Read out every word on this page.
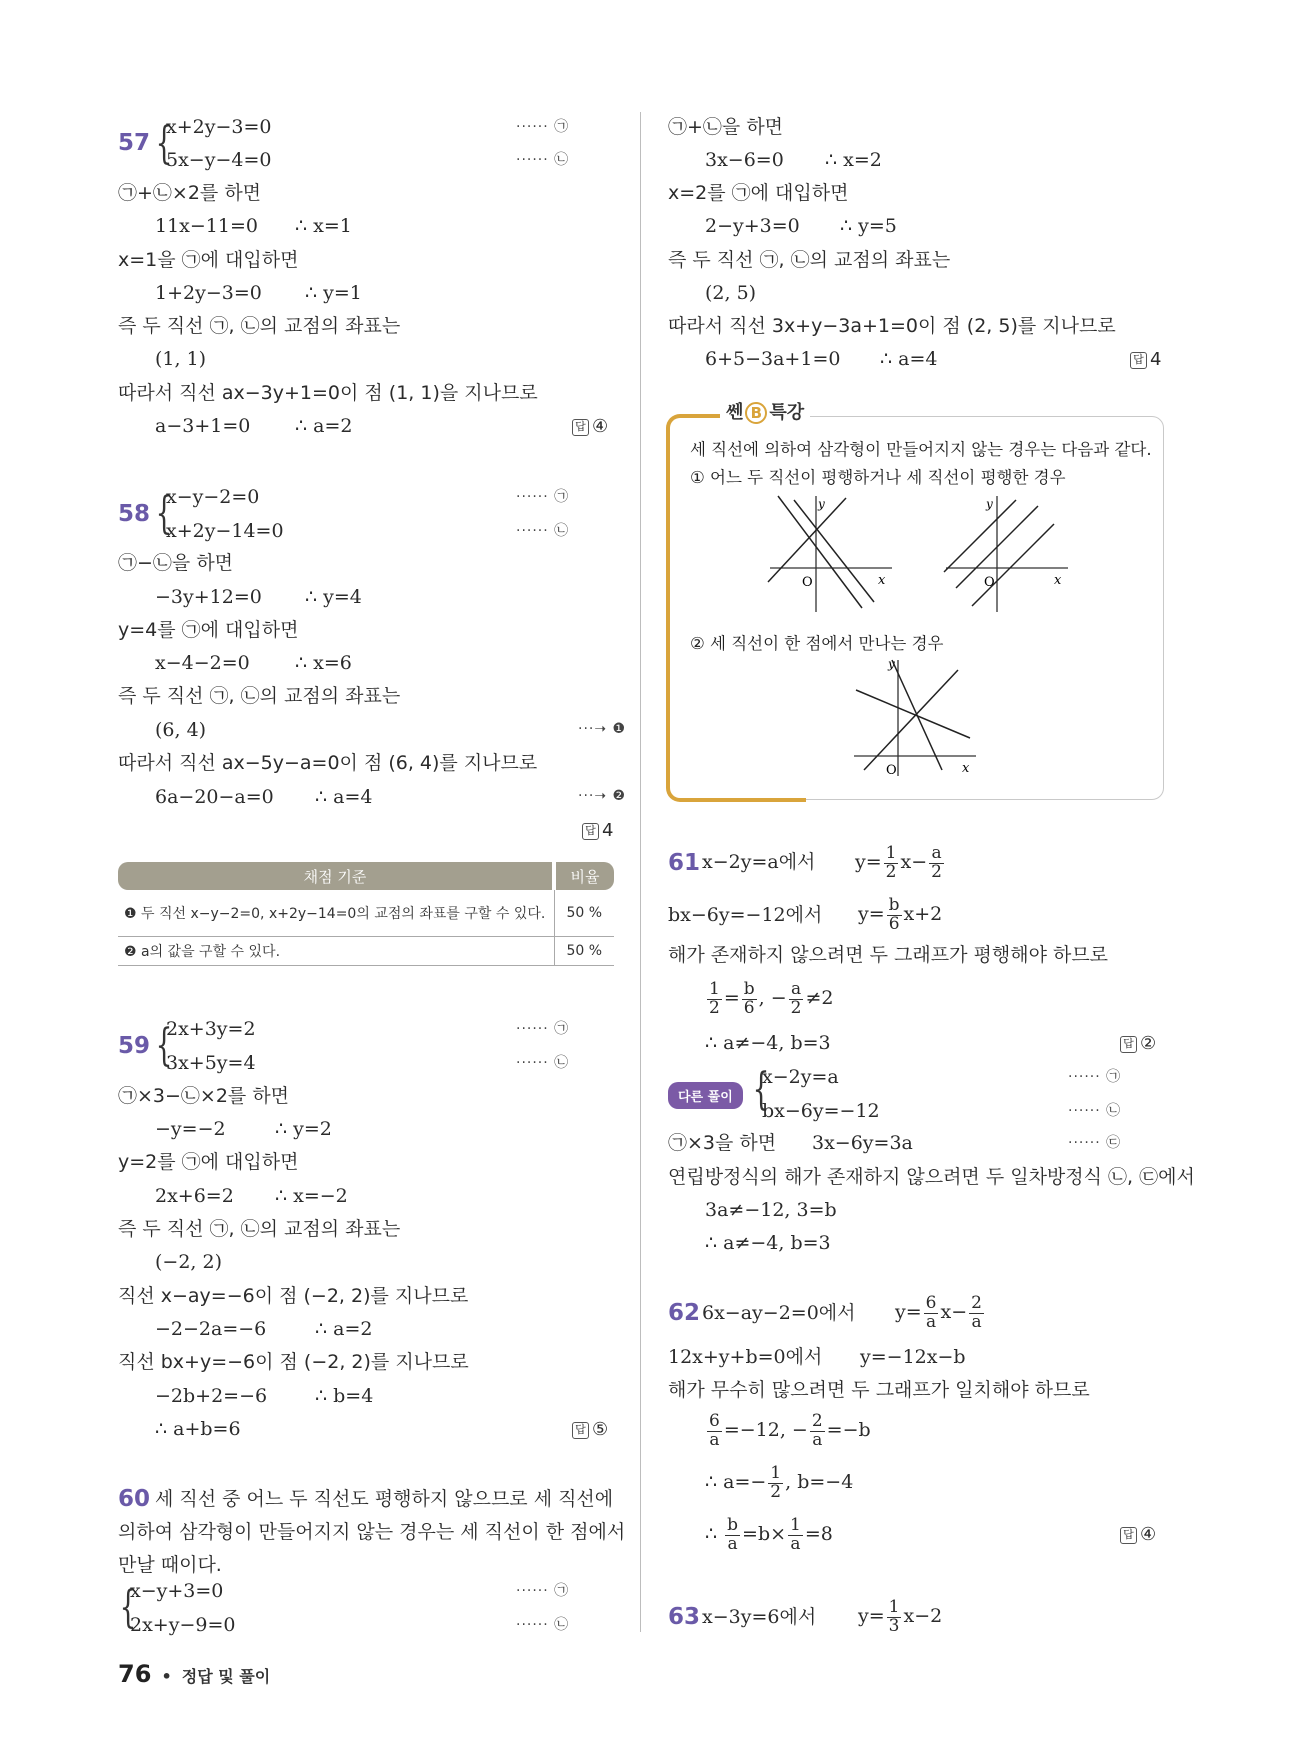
57 {
x+2y−3=0
5x−y−4=0
······ ㉠
······ ㉡
㉠+㉡×2를 하면
11x−11=0 ∴ x=1
x=1을 ㉠에 대입하면
1+2y−3=0 ∴ y=1
즉 두 직선 ㉠, ㉡의 교점의 좌표는
(1, 1)
따라서 직선 ax−3y+1=0이 점 (1, 1)을 지나므로
a−3+1=0 ∴ a=2	답 ④
58 {
x−y−2=0
x+2y−14=0
······ ㉠
······ ㉡
㉠−㉡을 하면
−3y+12=0 ∴ y=4
y=4를 ㉠에 대입하면
x−4−2=0 ∴ x=6
즉 두 직선 ㉠, ㉡의 교점의 좌표는
(6, 4)	···➝ ❶
따라서 직선 ax−5y−a=0이 점 (6, 4)를 지나므로
6a−20−a=0 ∴ a=4	···➝ ❷
답 4
채점 기준	비율
❶ 두 직선 x−y−2=0, x+2y−14=0의 교점의 좌표를 구할 수 있다.	50 %
❷ a의 값을 구할 수 있다.	50 %
59 {
2x+3y=2
3x+5y=4
······ ㉠
······ ㉡
㉠×3−㉡×2를 하면
−y=−2	∴ y=2
y=2를 ㉠에 대입하면
2x+6=2 ∴ x=−2
즉 두 직선 ㉠, ㉡의 교점의 좌표는
(−2, 2)
직선 x−ay=−6이 점 (−2, 2)를 지나므로
−2−2a=−6	∴ a=2
직선 bx+y=−6이 점 (−2, 2)를 지나므로
−2b+2=−6	∴ b=4
∴ a+b=6	답 ⑤
60 세 직선 중 어느 두 직선도 평행하지 않으므로 세 직선에
의하여 삼각형이 만들어지지 않는 경우는 세 직선이 한 점에서
만날 때이다.
{
x−y+3=0
2x+y−9=0
······ ㉠
······ ㉡
㉠+㉡을 하면
3x−6=0 ∴ x=2
x=2를 ㉠에 대입하면
2−y+3=0 ∴ y=5
즉 두 직선 ㉠, ㉡의 교점의 좌표는
(2, 5)
따라서 직선 3x+y−3a+1=0이 점 (2, 5)를 지나므로
6+5−3a+1=0 ∴ a=4	답 4
쎈 B 특강
세 직선에 의하여 삼각형이 만들어지지 않는 경우는 다음과 같다.
① 어느 두 직선이 평행하거나 세 직선이 평행한 경우
y
x
O
y
x
O
② 세 직선이 한 점에서 만나는 경우
y
x
O
61 x−2y=a에서 $y= \frac{1}{2} x- \frac{a}{2}$
bx−6y=−12에서 $y= \frac{b}{6} x+2$
해가 존재하지 않으려면 두 그래프가 평행해야 하므로
$\frac{1}{2} = \frac{b}{6}$ , − $\frac{a}{2} \ne 2$
∴ a≠−4, b=3	답 ②
다른 풀이 {
x−2y=a
bx−6y=−12
······ ㉠
······ ㉡
㉠×3을 하면 3x−6y=3a	······ ㉢
연립방정식의 해가 존재하지 않으려면 두 일차방정식 ㉡, ㉢에서
3a≠−12, 3=b
∴ a≠−4, b=3
62 6x−ay−2=0에서 $y= \frac{6}{a} x- \frac{2}{a}$
12x+y+b=0에서 y=−12x−b
해가 무수히 많으려면 두 그래프가 일치해야 하므로
$\frac{6}{a} =-12$, − $\frac{2}{a} =-b$
∴ $a=- \frac{1}{2}$ , b=−4
∴ $\frac{b}{a} =b\times \frac{1}{a} =8$	답 ④
63 x−3y=6에서 $y= \frac{1}{3} x-2$
76 • 정답 및 풀이
